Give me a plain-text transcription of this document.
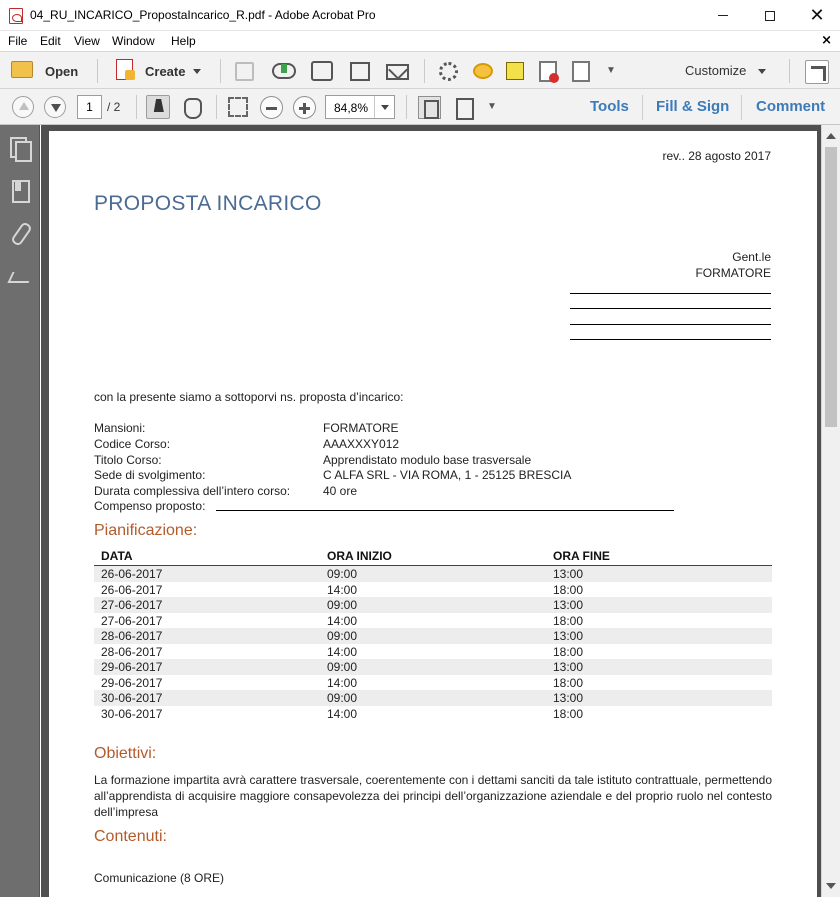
04_RU_INCARICO_PropostaIncarico_R.pdf - Adobe Acrobat Pro	✕
File Edit View Window Help	×
Open	Create	▼	Customize
1	/ 2	84,8%	▼	Tools Fill & Sign Comment
rev.. 28 agosto 2017
PROPOSTA INCARICO
Gent.le
FORMATORE
con la presente siamo a sottoporvi ns. proposta d’incarico:
Mansioni:	FORMATORE
Codice Corso:	AAAXXXY012
Titolo Corso:	Apprendistato modulo base trasversale
Sede di svolgimento:	C ALFA SRL - VIA ROMA, 1 - 25125 BRESCIA
Durata complessiva dell’intero corso:	40 ore
Compenso proposto:
Pianificazione:
DATA	ORA INIZIO	ORA FINE
26-06-2017	09:00	13:00
26-06-2017	14:00	18:00
27-06-2017	09:00	13:00
27-06-2017	14:00	18:00
28-06-2017	09:00	13:00
28-06-2017	14:00	18:00
29-06-2017	09:00	13:00
29-06-2017	14:00	18:00
30-06-2017	09:00	13:00
30-06-2017	14:00	18:00
Obiettivi:

La formazione impartita avrà carattere trasversale, coerentemente con i dettami sanciti da tale istituto contrattuale, permettendo all’apprendista di acquisire maggiore consapevolezza dei principi dell’organizzazione aziendale e del proprio ruolo nel contesto dell’impresa

Contenuti:
Comunicazione (8 ORE)
